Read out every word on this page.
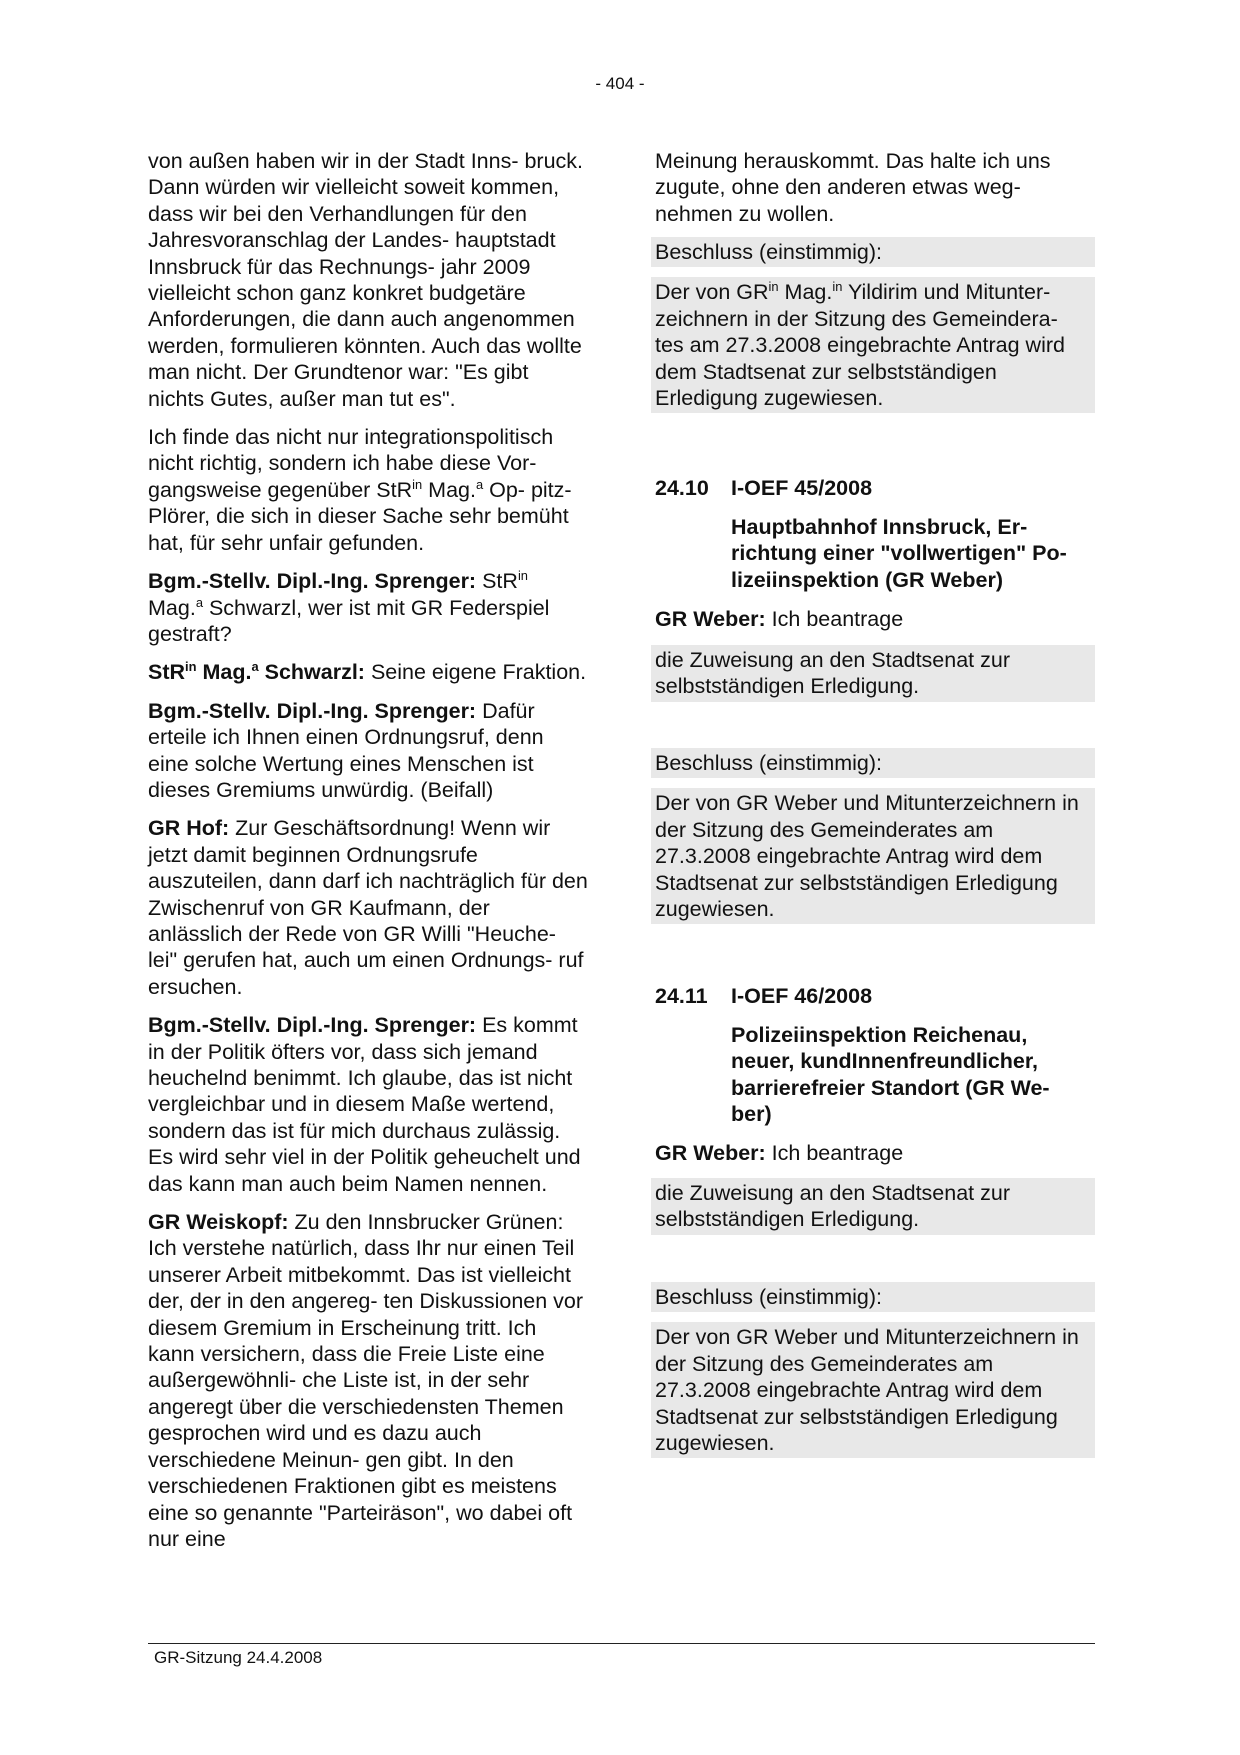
- 404 -

von außen haben wir in der Stadt Inns- bruck. Dann würden wir vielleicht soweit kommen, dass wir bei den Verhandlungen für den Jahresvoranschlag der Landes- hauptstadt Innsbruck für das Rechnungs- jahr 2009 vielleicht schon ganz konkret budgetäre Anforderungen, die dann auch angenommen werden, formulieren könnten. Auch das wollte man nicht. Der Grundtenor war: "Es gibt nichts Gutes, außer man tut es".

Ich finde das nicht nur integrationspolitisch nicht richtig, sondern ich habe diese Vor- gangsweise gegenüber StR$^{in}$ Mag.$^a$ Op- pitz-Plörer, die sich in dieser Sache sehr bemüht hat, für sehr unfair gefunden.

Bgm.-Stellv. Dipl.-Ing. Sprenger: StR$^{in}$ Mag.$^a$ Schwarzl, wer ist mit GR Federspiel gestraft?

StR$^{in}$ Mag.$^a$ Schwarzl: Seine eigene Fraktion.

Bgm.-Stellv. Dipl.-Ing. Sprenger: Dafür erteile ich Ihnen einen Ordnungsruf, denn eine solche Wertung eines Menschen ist dieses Gremiums unwürdig. (Beifall)

GR Hof: Zur Geschäftsordnung! Wenn wir jetzt damit beginnen Ordnungsrufe auszuteilen, dann darf ich nachträglich für den Zwischenruf von GR Kaufmann, der anlässlich der Rede von GR Willi "Heuche- lei" gerufen hat, auch um einen Ordnungs- ruf ersuchen.

Bgm.-Stellv. Dipl.-Ing. Sprenger: Es kommt in der Politik öfters vor, dass sich jemand heuchelnd benimmt. Ich glaube, das ist nicht vergleichbar und in diesem Maße wertend, sondern das ist für mich durchaus zulässig. Es wird sehr viel in der Politik geheuchelt und das kann man auch beim Namen nennen.

GR Weiskopf: Zu den Innsbrucker Grünen: Ich verstehe natürlich, dass Ihr nur einen Teil unserer Arbeit mitbekommt. Das ist vielleicht der, der in den angereg- ten Diskussionen vor diesem Gremium in Erscheinung tritt. Ich kann versichern, dass die Freie Liste eine außergewöhnli- che Liste ist, in der sehr angeregt über die verschiedensten Themen gesprochen wird und es dazu auch verschiedene Meinun- gen gibt. In den verschiedenen Fraktionen gibt es meistens eine so genannte "Parteiräson", wo dabei oft nur eine

Meinung herauskommt. Das halte ich uns zugute, ohne den anderen etwas weg- nehmen zu wollen.

Beschluss (einstimmig):

Der von $GR^{in}$ Mag.$^{in}$ Yildirim und Mitunter- zeichnern in der Sitzung des Gemeindera- tes am 27.3.2008 eingebrachte Antrag wird dem Stadtsenat zur selbstständigen Erledigung zugewiesen.

24.10 I-OEF 45/2008
Hauptbahnhof Innsbruck, Er- richtung einer "vollwertigen" Po- lizeiinspektion (GR Weber)

GR Weber: Ich beantrage

die Zuweisung an den Stadtsenat zur selbstständigen Erledigung.

Beschluss (einstimmig):

Der von GR Weber und Mitunterzeichnern in der Sitzung des Gemeinderates am 27.3.2008 eingebrachte Antrag wird dem Stadtsenat zur selbstständigen Erledigung zugewiesen.

24.11 I-OEF 46/2008
Polizeiinspektion Reichenau, neuer, kundInnenfreundlicher, barrierefreier Standort (GR We- ber)

GR Weber: Ich beantrage

die Zuweisung an den Stadtsenat zur selbstständigen Erledigung.

Beschluss (einstimmig):

Der von GR Weber und Mitunterzeichnern in der Sitzung des Gemeinderates am 27.3.2008 eingebrachte Antrag wird dem Stadtsenat zur selbstständigen Erledigung zugewiesen.

GR-Sitzung 24.4.2008
